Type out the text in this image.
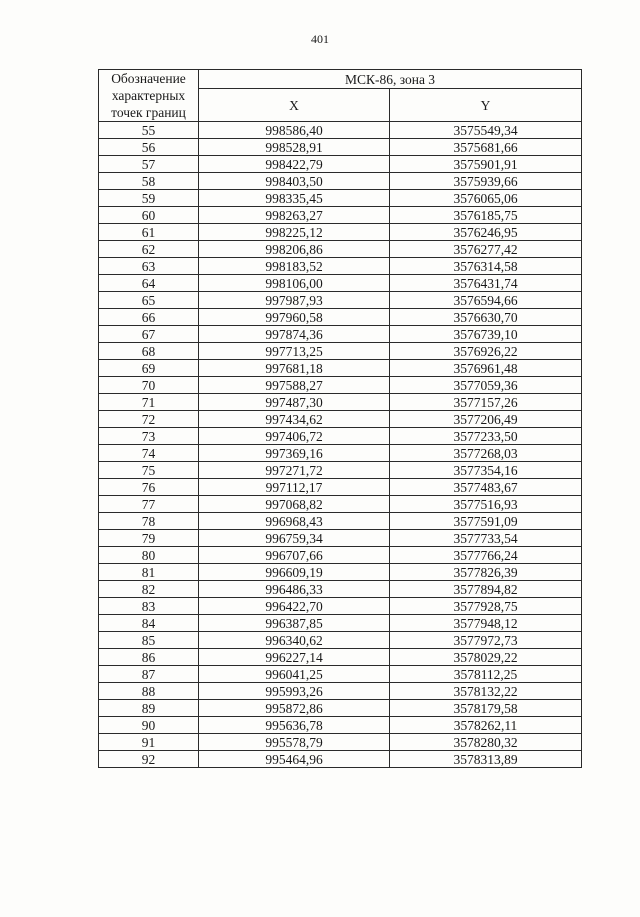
401
Обозначение характерных точек границ	МСК-86, зона 3	
	X	Y
55	998586,40	3575549,34
56	998528,91	3575681,66
57	998422,79	3575901,91
58	998403,50	3575939,66
59	998335,45	3576065,06
60	998263,27	3576185,75
61	998225,12	3576246,95
62	998206,86	3576277,42
63	998183,52	3576314,58
64	998106,00	3576431,74
65	997987,93	3576594,66
66	997960,58	3576630,70
67	997874,36	3576739,10
68	997713,25	3576926,22
69	997681,18	3576961,48
70	997588,27	3577059,36
71	997487,30	3577157,26
72	997434,62	3577206,49
73	997406,72	3577233,50
74	997369,16	3577268,03
75	997271,72	3577354,16
76	997112,17	3577483,67
77	997068,82	3577516,93
78	996968,43	3577591,09
79	996759,34	3577733,54
80	996707,66	3577766,24
81	996609,19	3577826,39
82	996486,33	3577894,82
83	996422,70	3577928,75
84	996387,85	3577948,12
85	996340,62	3577972,73
86	996227,14	3578029,22
87	996041,25	3578112,25
88	995993,26	3578132,22
89	995872,86	3578179,58
90	995636,78	3578262,11
91	995578,79	3578280,32
92	995464,96	3578313,89
